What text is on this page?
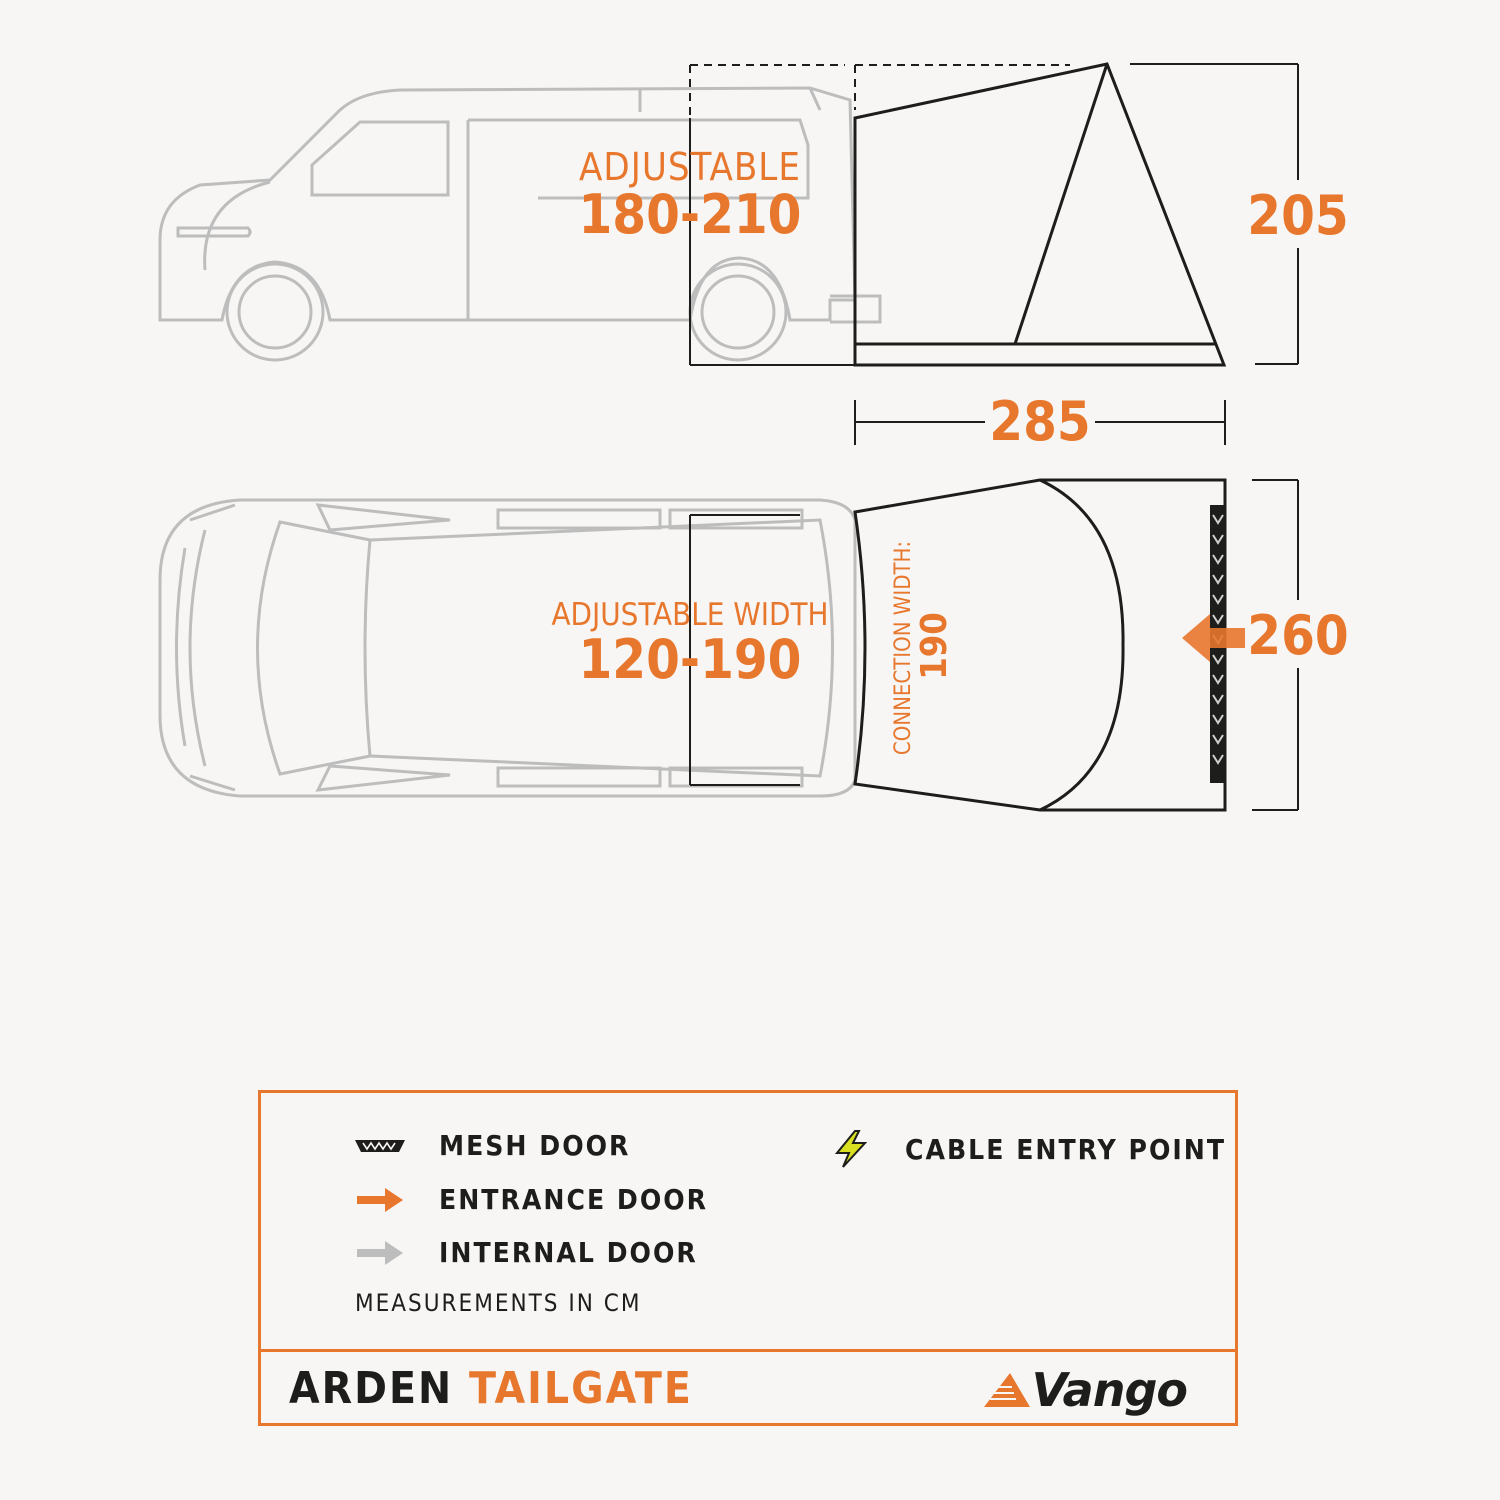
ADJUSTABLE
180-210	205
285
ADJUSTABLE WIDTH
120-190	CONNECTION WIDTH:
190	260
MESH DOOR
ENTRANCE DOOR
INTERNAL DOOR
CABLE ENTRY POINT
MEASUREMENTS IN CM
ARDEN TAILGATE	Vango
